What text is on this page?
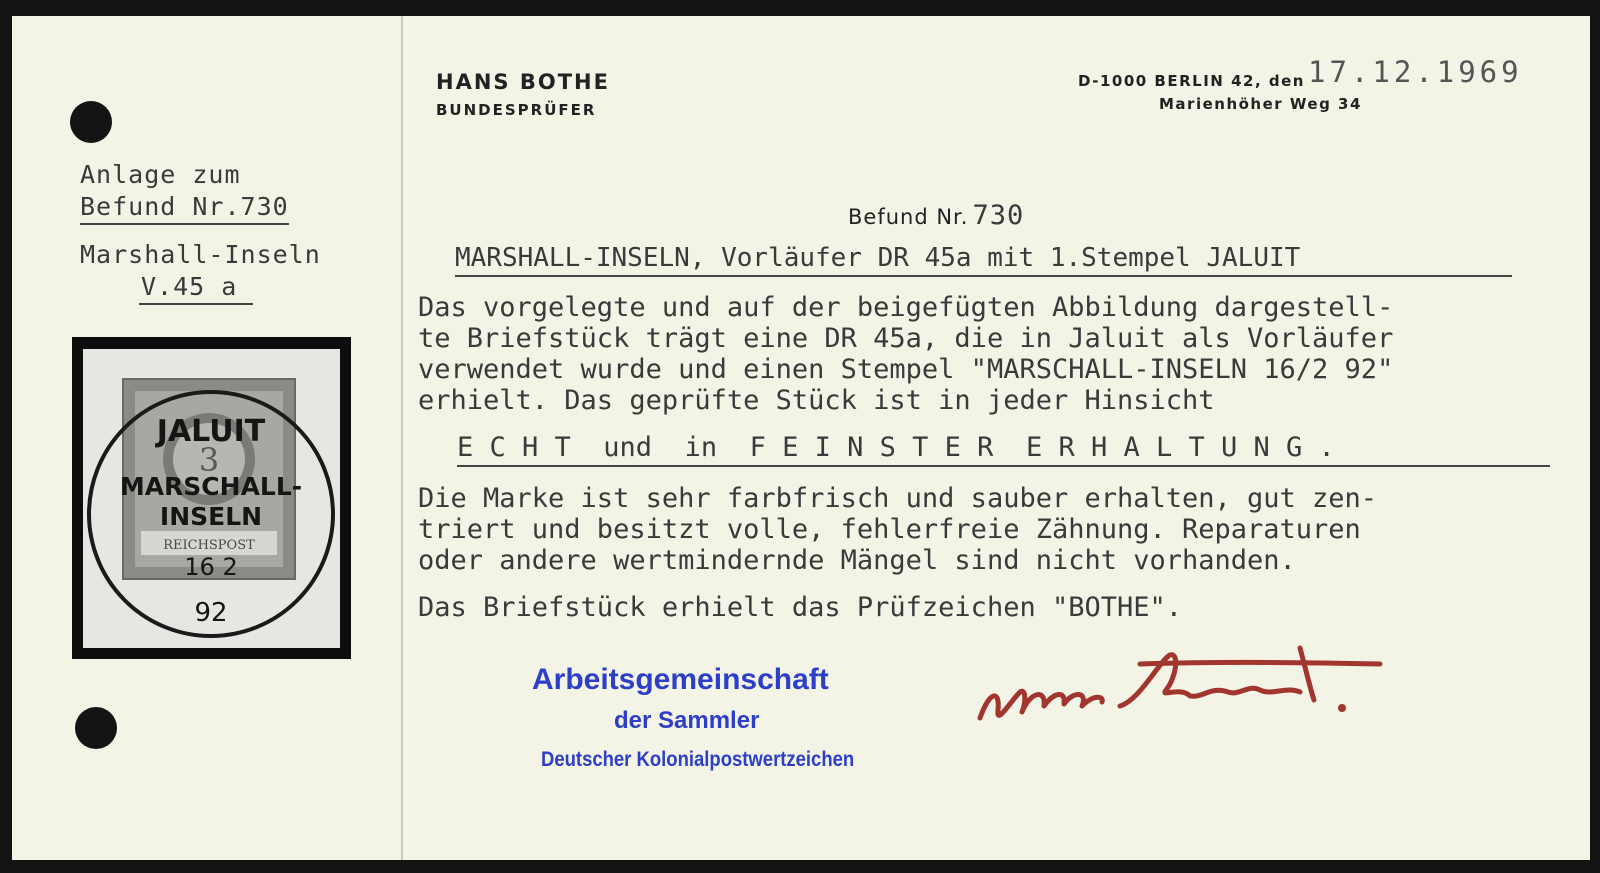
Anlage zum
Befund Nr.730
Marshall-Inseln
V.45 a
REICHSPOST
3
JALUIT
MARSCHALL-
INSELN
16 2
92
HANS BOTHE
BUNDESPRÜFER
D-1000 BERLIN 42, den 17.12.1969
Marienhöher Weg 34
Befund Nr. 730
MARSHALL-INSELN, Vorläufer DR 45a mit 1.Stempel JALUIT
Das vorgelegte und auf der beigefügten Abbildung dargestell-
te Briefstück trägt eine DR 45a, die in Jaluit als Vorläufer
verwendet wurde und einen Stempel "MARSCHALL-INSELN 16/2 92"
erhielt. Das geprüfte Stück ist in jeder Hinsicht
E C H T  und  in  F E I N S T E R  E R H A L T U N G .
Die Marke ist sehr farbfrisch und sauber erhalten, gut zen-
triert und besitzt volle, fehlerfreie Zähnung. Reparaturen
oder andere wertmindernde Mängel sind nicht vorhanden.
Das Briefstück erhielt das Prüfzeichen "BOTHE".
Arbeitsgemeinschaft
der Sammler
Deutscher Kolonialpostwertzeichen
